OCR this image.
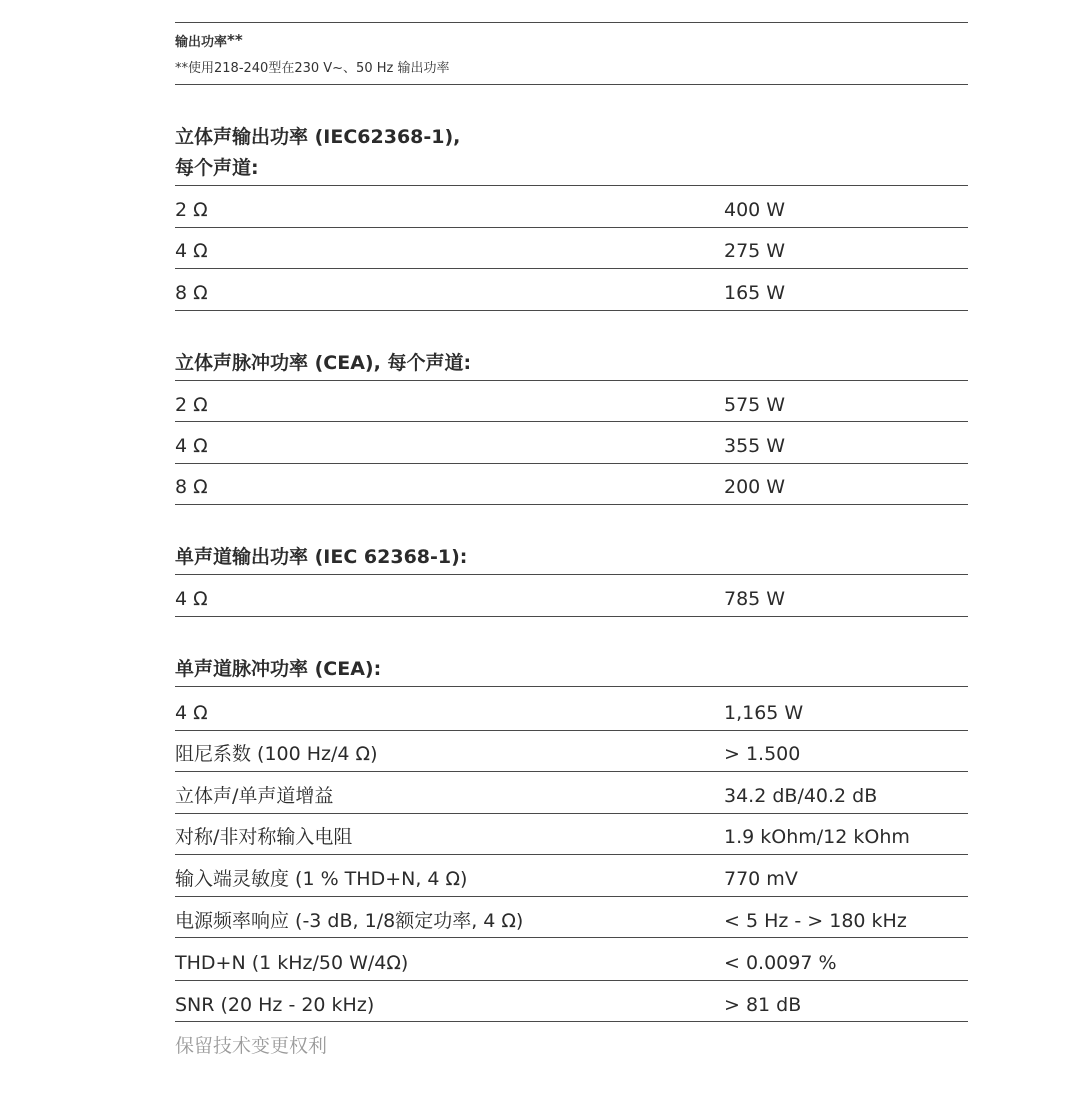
输出功率**
**使用218-240型在230 V~、50 Hz 输出功率
立体声输出功率 (IEC62368-1),
每个声道:
2 Ω	400 W
4 Ω	275 W
8 Ω	165 W
立体声脉冲功率 (CEA), 每个声道:
2 Ω	575 W
4 Ω	355 W
8 Ω	200 W
单声道输出功率 (IEC 62368-1):
4 Ω	785 W
单声道脉冲功率 (CEA):
4 Ω	1,165 W
阻尼系数 (100 Hz/4 Ω)	> 1.500
立体声/单声道增益	34.2 dB/40.2 dB
对称/非对称输入电阻	1.9 kOhm/12 kOhm
输入端灵敏度 (1 % THD+N, 4 Ω)	770 mV
电源频率响应 (-3 dB, 1/8额定功率, 4 Ω)	< 5 Hz - > 180 kHz
THD+N (1 kHz/50 W/4Ω)	< 0.0097 %
SNR (20 Hz - 20 kHz)	> 81 dB
保留技术变更权利
